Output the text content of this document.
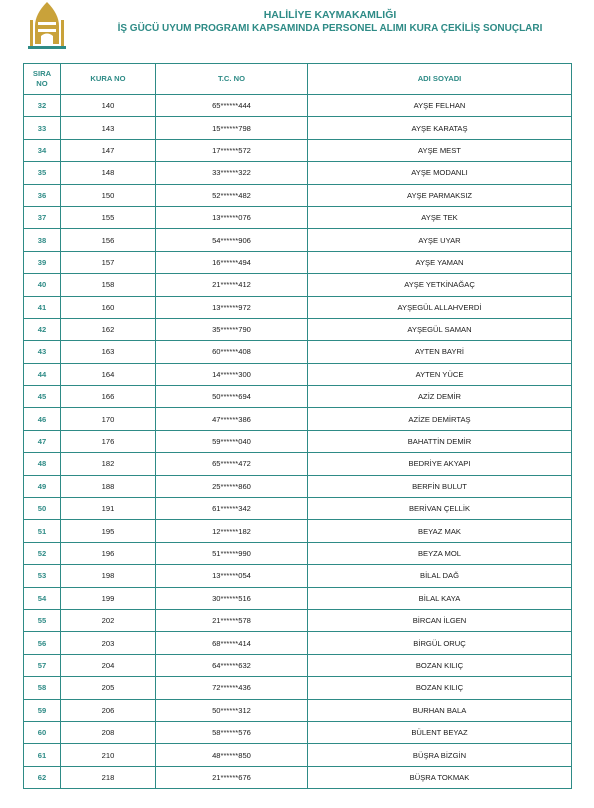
HALİLİYE KAYMAKAMLIĞI
İŞ GÜCÜ UYUM PROGRAMI KAPSAMINDA PERSONEL ALIMI KURA ÇEKİLİŞ SONUÇLARI
SIRA NO	KURA NO	T.C. NO	ADI SOYADI
32	140	65******444	AYŞE FELHAN
33	143	15******798	AYŞE KARATAŞ
34	147	17******572	AYŞE MEST
35	148	33******322	AYŞE MODANLI
36	150	52******482	AYŞE PARMAKSIZ
37	155	13******076	AYŞE TEK
38	156	54******906	AYŞE UYAR
39	157	16******494	AYŞE YAMAN
40	158	21******412	AYŞE YETKİNAĞAÇ
41	160	13******972	AYŞEGÜL ALLAHVERDİ
42	162	35******790	AYŞEGÜL SAMAN
43	163	60******408	AYTEN BAYRİ
44	164	14******300	AYTEN YÜCE
45	166	50******694	AZİZ DEMİR
46	170	47******386	AZİZE DEMİRTAŞ
47	176	59******040	BAHATTİN DEMİR
48	182	65******472	BEDRİYE AKYAPI
49	188	25******860	BERFİN BULUT
50	191	61******342	BERİVAN ÇELLİK
51	195	12******182	BEYAZ MAK
52	196	51******990	BEYZA MOL
53	198	13******054	BİLAL DAĞ
54	199	30******516	BİLAL KAYA
55	202	21******578	BİRCAN İLGEN
56	203	68******414	BİRGÜL ORUÇ
57	204	64******632	BOZAN KILIÇ
58	205	72******436	BOZAN KILIÇ
59	206	50******312	BURHAN BALA
60	208	58******576	BÜLENT BEYAZ
61	210	48******850	BÜŞRA BİZGİN
62	218	21******676	BÜŞRA TOKMAK
